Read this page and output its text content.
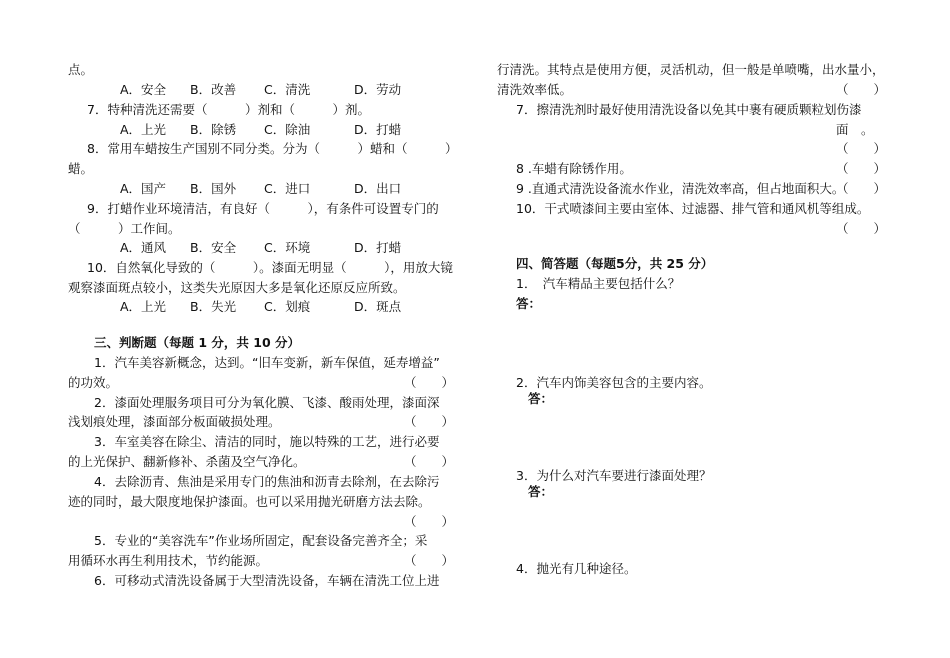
点。
A．安全 B．改善 C．清洗	D．劳动
7．特种清洗还需要（　　　）剂和（　　　）剂。
A．上光 B．除锈 C．除油	D．打蜡
8．常用车蜡按生产国别不同分类。分为（　　　）蜡和（　　　）
蜡。
A．国产 B．国外 C．进口	D．出口
9．打蜡作业环境清洁，有良好（　　　），有条件可设置专门的
（　　　）工作间。
A．通风 B．安全 C．环境	D．打蜡
10．自然氧化导致的（　　　）。漆面无明显（　　　），用放大镜
观察漆面斑点较小，这类失光原因大多是氧化还原反应所致。
A．上光 B．失光 C．划痕	D．斑点
三、判断题（每题 1 分，共 10 分）
1．汽车美容新概念，达到。“旧车变新，新车保值，延寿增益”
的功效。	（　　）
2．漆面处理服务项目可分为氧化膜、飞漆、酸雨处理，漆面深
浅划痕处理，漆面部分板面破损处理。	（　　）
3．车室美容在除尘、清洁的同时，施以特殊的工艺，进行必要
的上光保护、翻新修补、杀菌及空气净化。	（　　）
4．去除沥青、焦油是采用专门的焦油和沥青去除剂，在去除污
迹的同时，最大限度地保护漆面。也可以采用抛光研磨方法去除。
（　　）
5．专业的“美容洗车”作业场所固定，配套设备完善齐全；采
用循环水再生利用技术，节约能源。	（　　）
6．可移动式清洗设备属于大型清洗设备，车辆在清洗工位上进
行清洗。其特点是使用方便，灵活机动，但一般是单喷嘴，出水量小，
清洗效率低。	（　　）
7．擦清洗剂时最好使用清洗设备以免其中裹有硬质颗粒划伤漆
面　。
（　　）
8 .车蜡有除锈作用。	（　　）
9 .直通式清洗设备流水作业，清洗效率高，但占地面积大。
（　　）
10．干式喷漆间主要由室体、过滤器、排气管和通风机等组成。
（　　）
四、简答题（每题5分，共 25 分）
1．　汽车精品主要包括什么？
答：
2．汽车内饰美容包含的主要内容。
答：
3．为什么对汽车要进行漆面处理？
答：
4．抛光有几种途径。
